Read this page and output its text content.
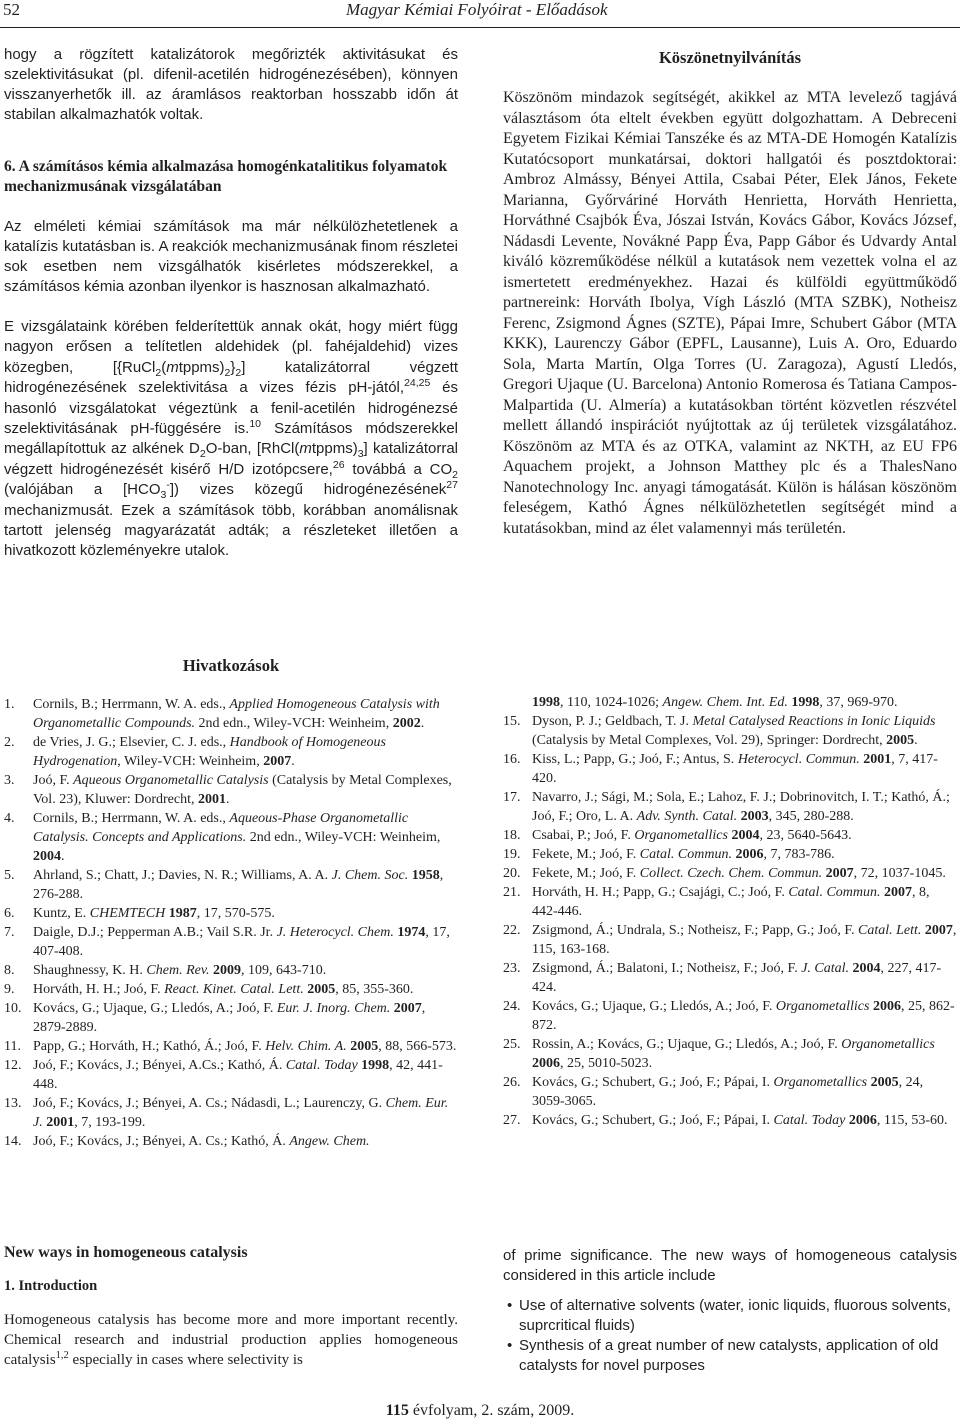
52	Magyar Kémiai Folyóirat - Előadások

hogy a rögzített katalizátorok megőrizték aktivitásukat és szelektivitásukat (pl. difenil-acetilén hidrogénezésében), könnyen visszanyerhetők ill. az áramlásos reaktorban hosszabb időn át stabilan alkalmazhatók voltak.

6. A számításos kémia alkalmazása homogénkatalitikus folyamatok mechanizmusának vizsgálatában

Az elméleti kémiai számítások ma már nélkülözhetetlenek a katalízis kutatásban is. A reakciók mechanizmusának finom részletei sok esetben nem vizsgálhatók kisérletes módszerekkel, a számításos kémia azonban ilyenkor is hasznosan alkalmazható.

E vizsgálataink körében felderítettük annak okát, hogy miért függ nagyon erősen a telítetlen aldehidek (pl. fahéjaldehid) vizes közegben, $[\{RuCl_2(mtppms)_2\}_2]$ katalizátorral végzett hidrogénezésének szelektivitása a vizes fézis pH-jától,$^{24,25}$ és hasonló vizsgálatokat végeztünk a fenil-acetilén hidrogénezsé szelektivitásának pH-függésére is.$^{10}$ Számításos módszerekkel megállapítottuk az alkének $D_2O$-ban, $[RhCl(mtppms)_3]$ katalizátorral végzett hidrogénezését kisérő H/D izotópcsere,$^{26}$ továbbá a $CO_2$ (valójában a $[HCO_3^-]$) vizes közegű hidrogénezésének$^{27}$ mechanizmusát. Ezek a számítások több, korábban anomálisnak tartott jelenség magyarázatát adták; a részleteket illetően a hivatkozott közleményekre utalok.

Köszönetnyilvánítás

Köszönöm mindazok segítségét, akikkel az MTA levelező tagjává választásom óta eltelt években együtt dolgozhattam. A Debreceni Egyetem Fizikai Kémiai Tanszéke és az MTA-DE Homogén Katalízis Kutatócsoport munkatársai, doktori hallgatói és posztdoktorai: Ambroz Almássy, Bényei Attila, Csabai Péter, Elek János, Fekete Marianna, Győrváriné Horváth Henrietta, Horváth Henrietta, Horváthné Csajbók Éva, Jószai István, Kovács Gábor, Kovács József, Nádasdi Levente, Novákné Papp Éva, Papp Gábor és Udvardy Antal kiváló közreműködése nélkül a kutatások nem vezettek volna el az ismertetett eredményekhez. Hazai és külföldi együttműködő partnereink: Horváth Ibolya, Vígh László (MTA SZBK), Notheisz Ferenc, Zsigmond Ágnes (SZTE), Pápai Imre, Schubert Gábor (MTA KKK), Laurenczy Gábor (EPFL, Lausanne), Luis A. Oro, Eduardo Sola, Marta Martín, Olga Torres (U. Zaragoza), Agustí Lledós, Gregori Ujaque (U. Barcelona) Antonio Romerosa és Tatiana Campos-Malpartida (U. Almería) a kutatásokban történt közvetlen részvétel mellett állandó inspirációt nyújtottak az új területek vizsgálatához. Köszönöm az MTA és az OTKA, valamint az NKTH, az EU FP6 Aquachem projekt, a Johnson Matthey plc és a ThalesNano Nanotechnology Inc. anyagi támogatását. Külön is hálásan köszönöm feleségem, Kathó Ágnes nélkülözhetetlen segítségét mind a kutatásokban, mind az élet valamennyi más területén.

Hivatkozások

1.	Cornils, B.; Herrmann, W. A. eds., Applied Homogeneous Catalysis with Organometallic Compounds. 2nd edn., Wiley-VCH: Weinheim, 2002.
2.	de Vries, J. G.; Elsevier, C. J. eds., Handbook of Homogeneous Hydrogenation, Wiley-VCH: Weinheim, 2007.
3.	Joó, F. Aqueous Organometallic Catalysis (Catalysis by Metal Complexes, Vol. 23), Kluwer: Dordrecht, 2001.
4.	Cornils, B.; Herrmann, W. A. eds., Aqueous-Phase Organometallic Catalysis. Concepts and Applications. 2nd edn., Wiley-VCH: Weinheim, 2004.
5.	Ahrland, S.; Chatt, J.; Davies, N. R.; Williams, A. A. J. Chem. Soc. 1958, 276-288.
6.	Kuntz, E. CHEMTECH 1987, 17, 570-575.
7.	Daigle, D.J.; Pepperman A.B.; Vail S.R. Jr. J. Heterocycl. Chem. 1974, 17, 407-408.
8.	Shaughnessy, K. H. Chem. Rev. 2009, 109, 643-710.
9.	Horváth, H. H.; Joó, F. React. Kinet. Catal. Lett. 2005, 85, 355-360.
10. Kovács, G.; Ujaque, G.; Lledós, A.; Joó, F. Eur. J. Inorg. Chem. 2007, 2879-2889.
11. Papp, G.; Horváth, H.; Kathó, Á.; Joó, F. Helv. Chim. A. 2005, 88, 566-573.
12. Joó, F.; Kovács, J.; Bényei, A.Cs.; Kathó, Á. Catal. Today 1998, 42, 441-448.
13. Joó, F.; Kovács, J.; Bényei, A. Cs.; Nádasdi, L.; Laurenczy, G. Chem. Eur. J. 2001, 7, 193-199.
14. Joó, F.; Kovács, J.; Bényei, A. Cs.; Kathó, Á. Angew. Chem.
1998, 110, 1024-1026; Angew. Chem. Int. Ed. 1998, 37, 969-970.
15. Dyson, P. J.; Geldbach, T. J. Metal Catalysed Reactions in Ionic Liquids (Catalysis by Metal Complexes, Vol. 29), Springer: Dordrecht, 2005.
16. Kiss, L.; Papp, G.; Joó, F.; Antus, S. Heterocycl. Commun. 2001, 7, 417-420.
17. Navarro, J.; Sági, M.; Sola, E.; Lahoz, F. J.; Dobrinovitch, I. T.; Kathó, Á.; Joó, F.; Oro, L. A. Adv. Synth. Catal. 2003, 345, 280-288.
18. Csabai, P.; Joó, F. Organometallics 2004, 23, 5640-5643.
19. Fekete, M.; Joó, F. Catal. Commun. 2006, 7, 783-786.
20. Fekete, M.; Joó, F. Collect. Czech. Chem. Commun. 2007, 72, 1037-1045.
21. Horváth, H. H.; Papp, G.; Csajági, C.; Joó, F. Catal. Commun. 2007, 8, 442-446.
22. Zsigmond, Á.; Undrala, S.; Notheisz, F.; Papp, G.; Joó, F. Catal. Lett. 2007, 115, 163-168.
23. Zsigmond, Á.; Balatoni, I.; Notheisz, F.; Joó, F. J. Catal. 2004, 227, 417-424.
24. Kovács, G.; Ujaque, G.; Lledós, A.; Joó, F. Organometallics 2006, 25, 862-872.
25. Rossin, A.; Kovács, G.; Ujaque, G.; Lledós, A.; Joó, F. Organometallics 2006, 25, 5010-5023.
26. Kovács, G.; Schubert, G.; Joó, F.; Pápai, I. Organometallics 2005, 24, 3059-3065.
27. Kovács, G.; Schubert, G.; Joó, F.; Pápai, I. Catal. Today 2006, 115, 53-60.

New ways in homogeneous catalysis

1. Introduction

Homogeneous catalysis has become more and more important recently. Chemical research and industrial production applies homogeneous catalysis$^{1,2}$ especially in cases where selectivity is

of prime significance. The new ways of homogeneous catalysis considered in this article include

• Use of alternative solvents (water, ionic liquids, fluorous solvents, suprcritical fluids)
• Synthesis of a great number of new catalysts, application of old catalysts for novel purposes
115 évfolyam, 2. szám, 2009.
